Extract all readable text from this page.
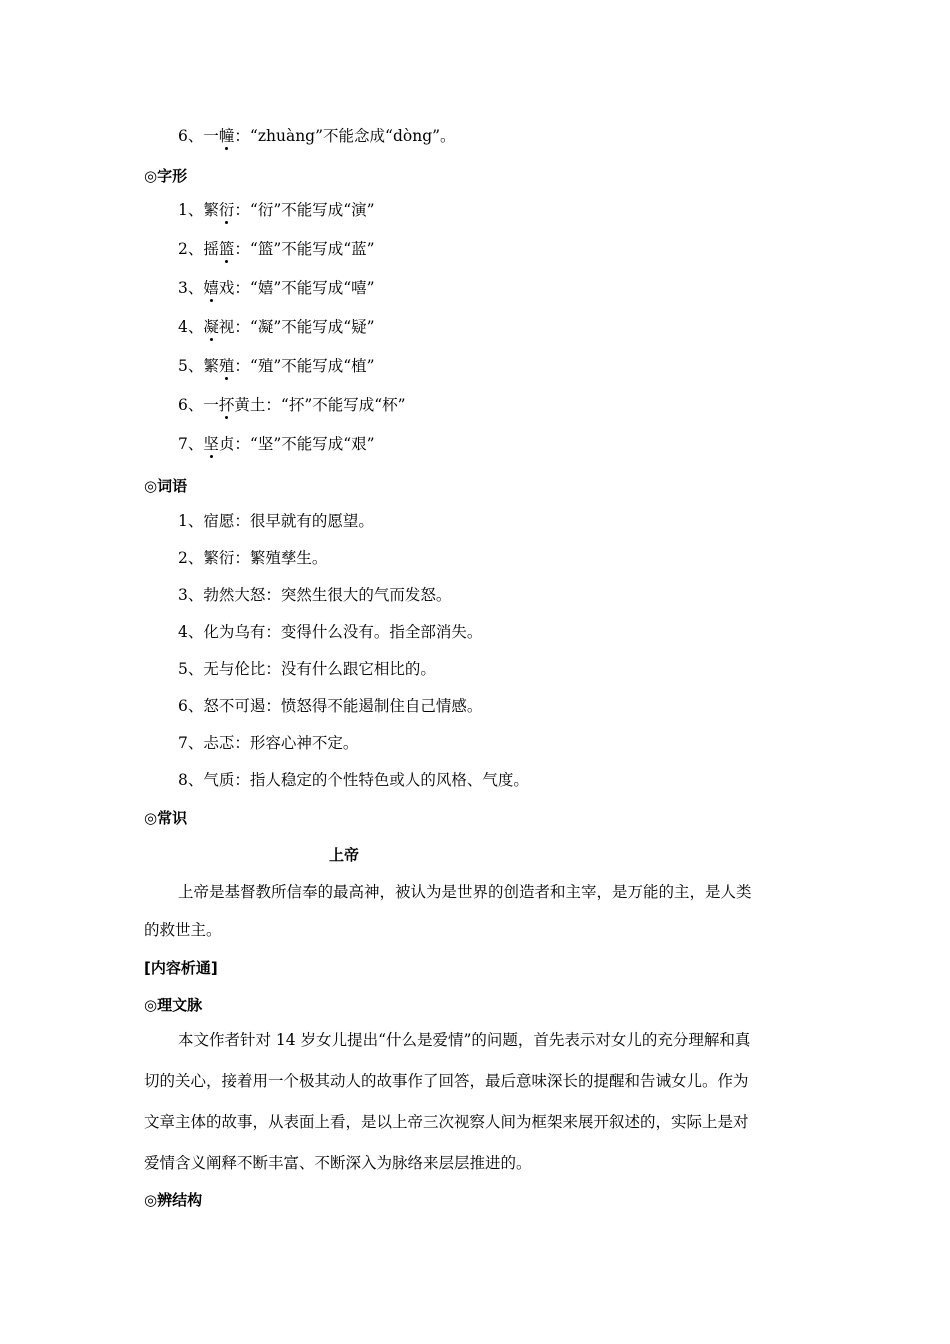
6、一幢：“zhuàng”不能念成“dòng”。
◎字形
1、繁衍：“衍”不能写成“演”
2、摇篮：“篮”不能写成“蓝”
3、嬉戏：“嬉”不能写成“嘻”
4、凝视：“凝”不能写成“疑”
5、繁殖：“殖”不能写成“植”
6、一抔黄土：“抔”不能写成“杯”
7、坚贞：“坚”不能写成“艰”
◎词语
1、宿愿：很早就有的愿望。
2、繁衍：繁殖孳生。
3、勃然大怒：突然生很大的气而发怒。
4、化为乌有：变得什么没有。指全部消失。
5、无与伦比：没有什么跟它相比的。
6、怒不可遏：愤怒得不能遏制住自己情感。
7、忐忑：形容心神不定。
8、气质：指人稳定的个性特色或人的风格、气度。
◎常识
上帝
上帝是基督教所信奉的最高神，被认为是世界的创造者和主宰，是万能的主，是人类
的救世主。
[内容析通]
◎理文脉
本文作者针对 14 岁女儿提出“什么是爱情”的问题，首先表示对女儿的充分理解和真
切的关心，接着用一个极其动人的故事作了回答，最后意味深长的提醒和告诫女儿。作为
文章主体的故事，从表面上看，是以上帝三次视察人间为框架来展开叙述的，实际上是对
爱情含义阐释不断丰富、不断深入为脉络来层层推进的。
◎辨结构
